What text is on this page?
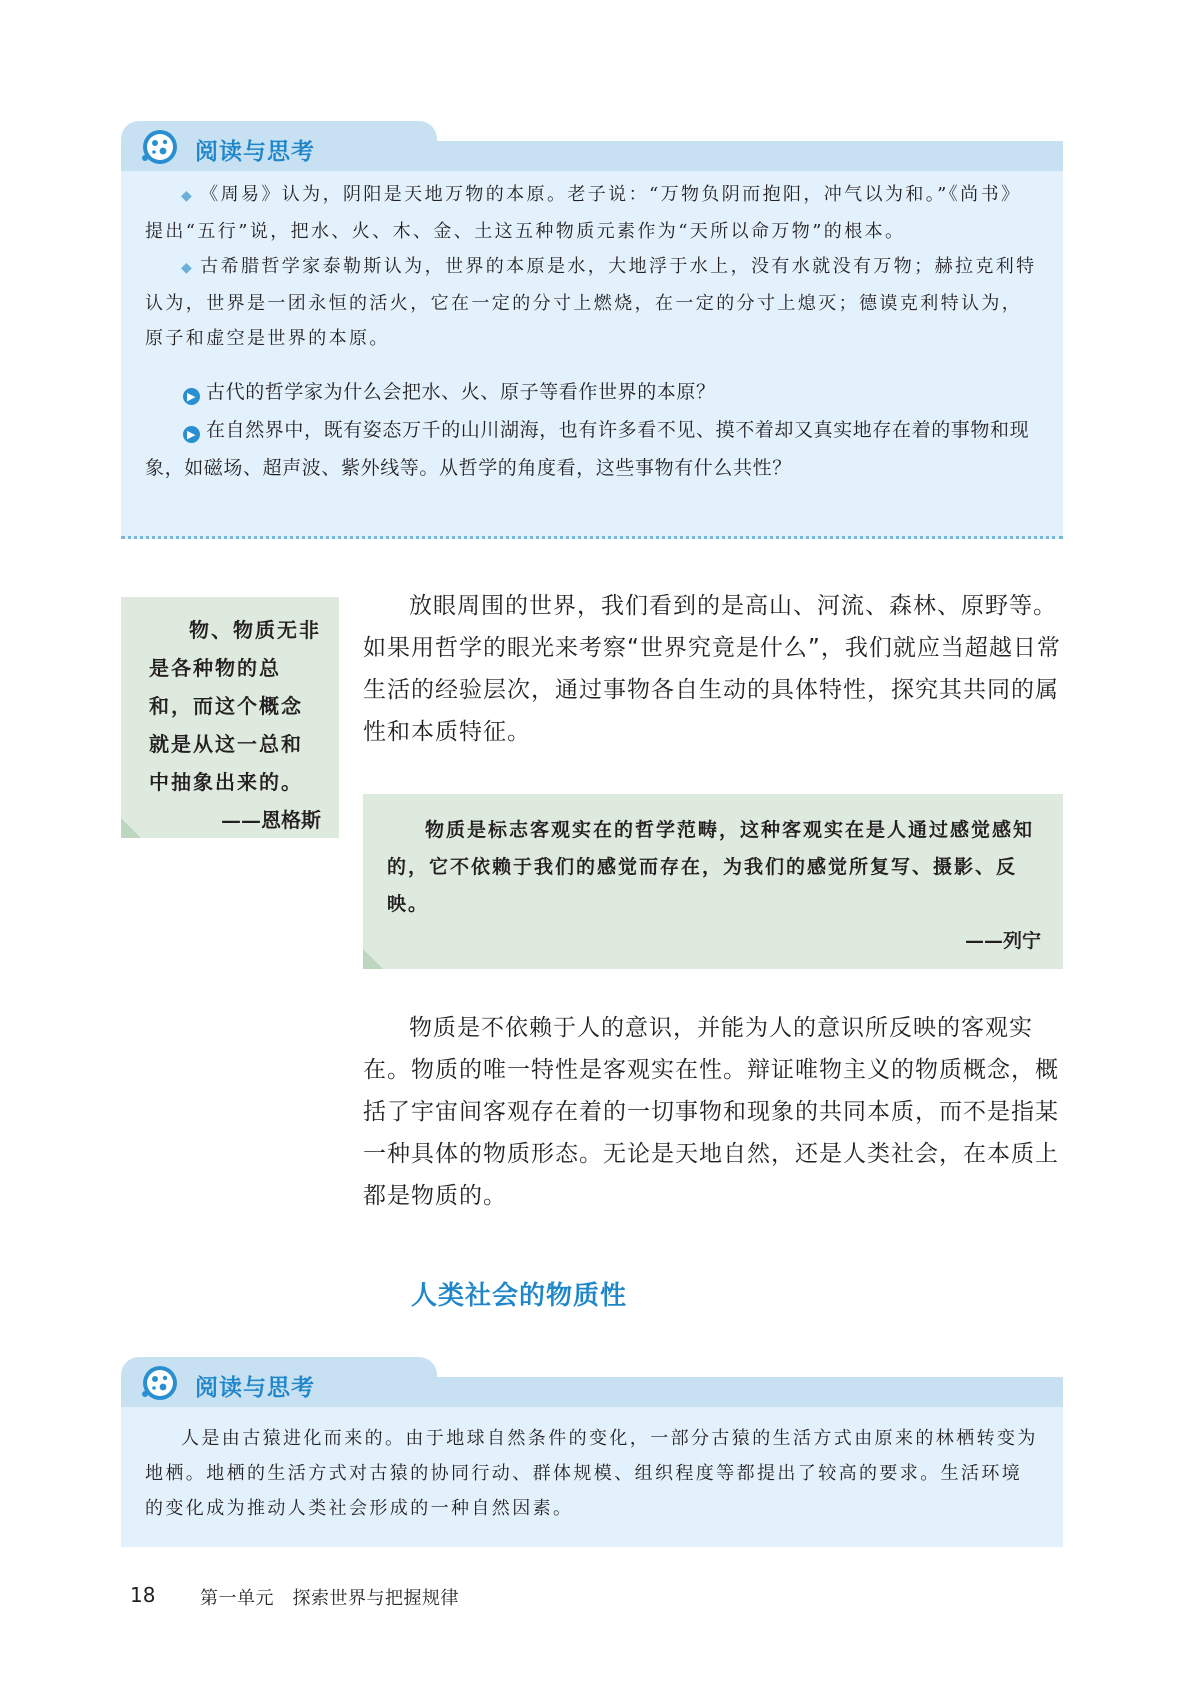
阅读与思考

◆ 《周易》认为，阴阳是天地万物的本原。老子说：“万物负阴而抱阳，冲气以为和。”《尚书》提出“五行”说，把水、火、木、金、土这五种物质元素作为“天所以命万物”的根本。

◆ 古希腊哲学家泰勒斯认为，世界的本原是水，大地浮于水上，没有水就没有万物；赫拉克利特认为，世界是一团永恒的活火，它在一定的分寸上燃烧，在一定的分寸上熄灭；德谟克利特认为，原子和虚空是世界的本原。

▶ 古代的哲学家为什么会把水、火、原子等看作世界的本原？

▶ 在自然界中，既有姿态万千的山川湖海，也有许多看不见、摸不着却又真实地存在着的事物和现象，如磁场、超声波、紫外线等。从哲学的角度看，这些事物有什么共性？

物、物质无非是各种物的总和，而这个概念就是从这一总和中抽象出来的。

——恩格斯

放眼周围的世界，我们看到的是高山、河流、森林、原野等。如果用哲学的眼光来考察“世界究竟是什么”，我们就应当超越日常生活的经验层次，通过事物各自生动的具体特性，探究其共同的属性和本质特征。

物质是标志客观实在的哲学范畴，这种客观实在是人通过感觉感知的，它不依赖于我们的感觉而存在，为我们的感觉所复写、摄影、反映。

——列宁

物质是不依赖于人的意识，并能为人的意识所反映的客观实在。物质的唯一特性是客观实在性。辩证唯物主义的物质概念，概括了宇宙间客观存在着的一切事物和现象的共同本质，而不是指某一种具体的物质形态。无论是天地自然，还是人类社会，在本质上都是物质的。

人类社会的物质性
阅读与思考

人是由古猿进化而来的。由于地球自然条件的变化，一部分古猿的生活方式由原来的林栖转变为地栖。地栖的生活方式对古猿的协同行动、群体规模、组织程度等都提出了较高的要求。生活环境的变化成为推动人类社会形成的一种自然因素。

18 第一单元　探索世界与把握规律
